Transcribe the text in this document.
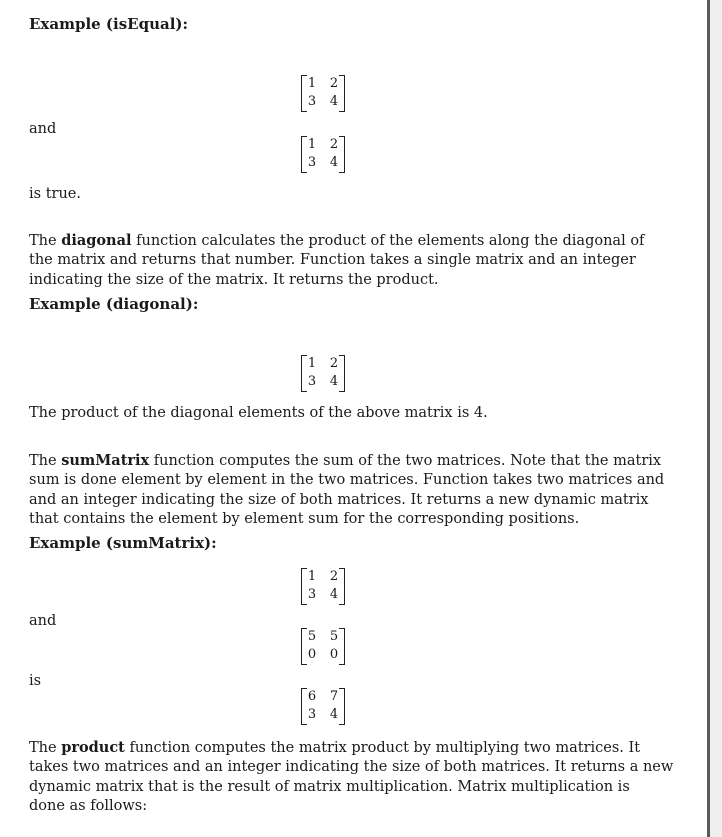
Example (isEqual):
1 2
3 4
and
1 2
3 4
is true.
The diagonal function calculates the product of the elements along the diagonal of
the matrix and returns that number. Function takes a single matrix and an integer
indicating the size of the matrix. It returns the product.
Example (diagonal):
1 2
3 4
The product of the diagonal elements of the above matrix is 4.
The sumMatrix function computes the sum of the two matrices. Note that the matrix
sum is done element by element in the two matrices. Function takes two matrices and
and an integer indicating the size of both matrices. It returns a new dynamic matrix
that contains the element by element sum for the corresponding positions.
Example (sumMatrix):
1 2
3 4
and
5 5
0 0
is
6 7
3 4
The product function computes the matrix product by multiplying two matrices. It
takes two matrices and an integer indicating the size of both matrices. It returns a new
dynamic matrix that is the result of matrix multiplication. Matrix multiplication is
done as follows:
